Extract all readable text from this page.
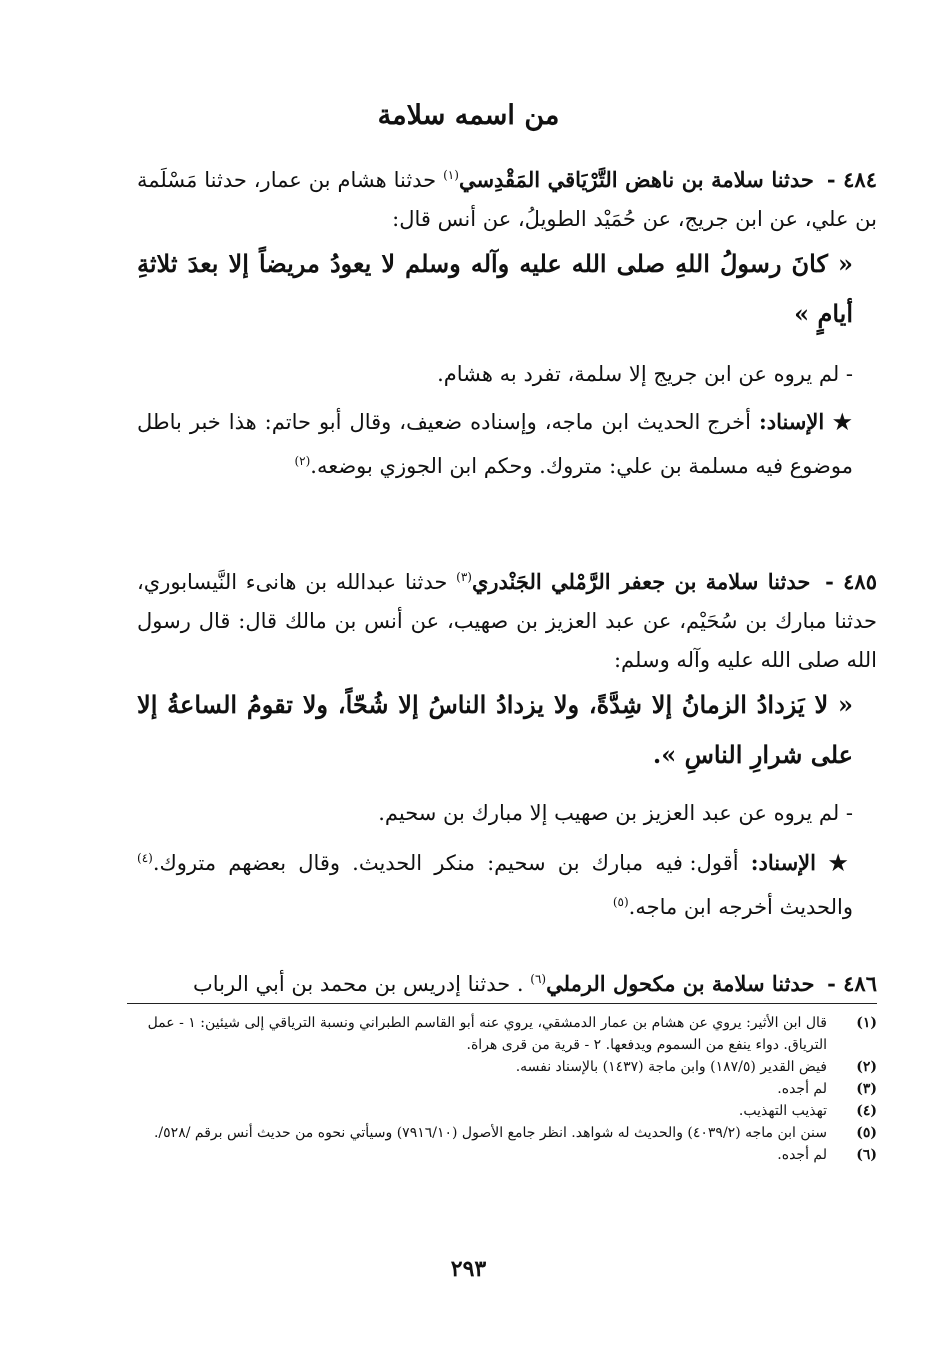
من اسمه سلامة
٤٨٤ - حدثنا سلامة بن ناهض التَّرْيَاقي المَقْدِسي$^{(١)}$ حدثنا هشام بن عمار، حدثنا مَسْلَمة بن علي، عن ابن جريج، عن حُمَيْد الطويلُ، عن أنس قال:
« كانَ رسولُ اللهِ صلى الله عليه وآله وسلم لا يعودُ مريضاً إلا بعدَ ثلاثةِ أيامٍ »
- لم يروه عن ابن جريج إلا سلمة، تفرد به هشام.
★ الإسناد: أخرج الحديث ابن ماجه، وإسناده ضعيف، وقال أبو حاتم: هذا خبر باطل موضوع فيه مسلمة بن علي: متروك. وحكم ابن الجوزي بوضعه.$^{(٢)}$
٤٨٥ - حدثنا سلامة بن جعفر الرَّمْلي الجَنْدري$^{(٣)}$ حدثنا عبدالله بن هانىء النَّيسابوري، حدثنا مبارك بن سُحَيْم، عن عبد العزيز بن صهيب، عن أنس بن مالك قال: قال رسول الله صلى الله عليه وآله وسلم:
« لا يَزدادُ الزمانُ إلا شِدَّةً، ولا يزدادُ الناسُ إلا شُحّاً، ولا تقومُ الساعةُ إلا على شرارِ الناسِ ».
- لم يروه عن عبد العزيز بن صهيب إلا مبارك بن سحيم.
★ الإسناد: أقول: فيه مبارك بن سحيم: منكر الحديث. وقال بعضهم متروك.$^{(٤)}$ والحديث أخرجه ابن ماجه.$^{(٥)}$
٤٨٦ - حدثنا سلامة بن مكحول الرملي$^{(٦)}$ . حدثنا إدريس بن محمد بن أبي الرباب
(١)
قال ابن الأثير: يروي عن هشام بن عمار الدمشقي، يروي عنه أبو القاسم الطبراني ونسبة الترياقي إلى شيئين: ١ - عمل الترياق. دواء ينفع من السموم ويدفعها. ٢ - قرية من قرى هراة.
(٢)
فيض القدير (١٨٧/٥) وابن ماجة (١٤٣٧) بالإسناد نفسه.
(٣)
لم أجده.
(٤)
تهذيب التهذيب.
(٥)
سنن ابن ماجه (٤٠٣٩/٢) والحديث له شواهد. انظر جامع الأصول (٧٩١٦/١٠) وسيأتي نحوه من حديث أنس برقم /٥٢٨/.
(٦)
لم أجده.
٢٩٣
